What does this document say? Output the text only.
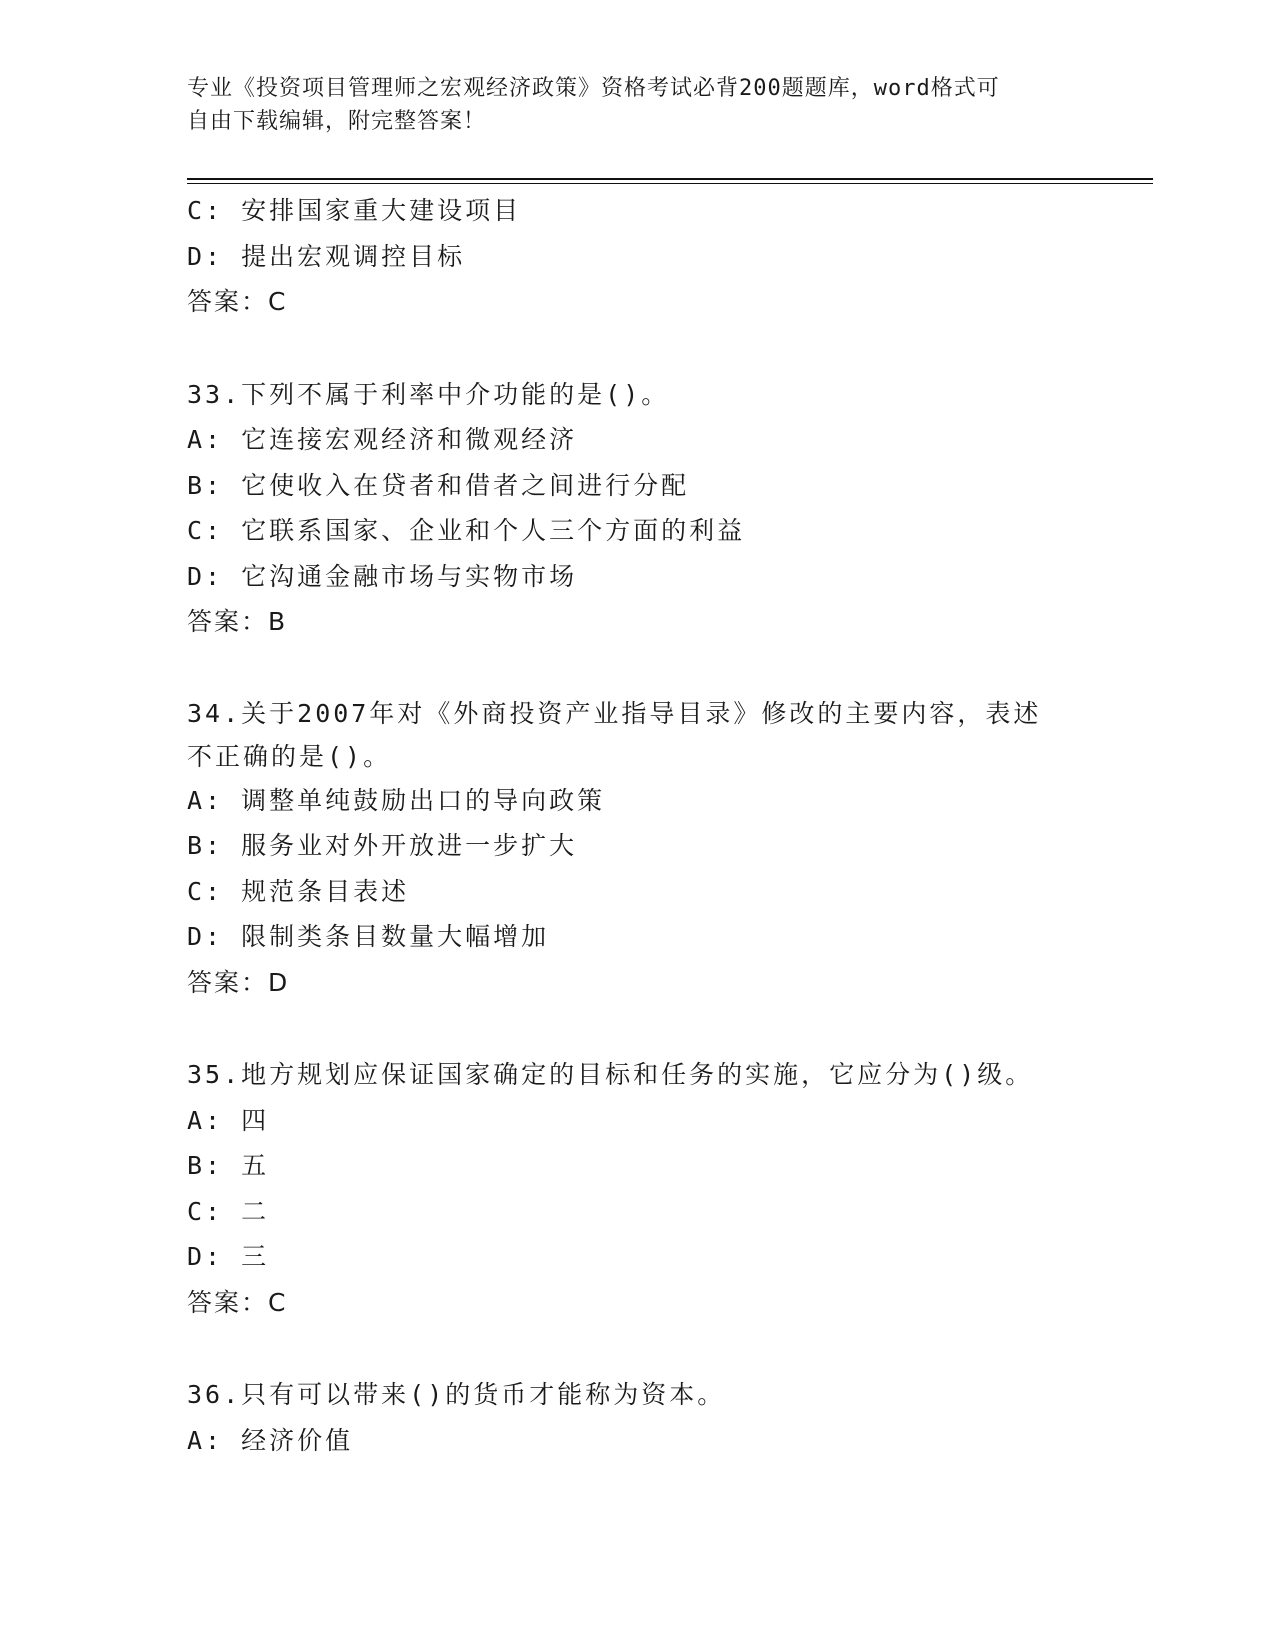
专业《投资项目管理师之宏观经济政策》资格考试必背200题题库，word格式可
自由下载编辑，附完整答案！
C: 安排国家重大建设项目
D: 提出宏观调控目标
答案：C
33.下列不属于利率中介功能的是()。
A: 它连接宏观经济和微观经济
B: 它使收入在贷者和借者之间进行分配
C: 它联系国家、企业和个人三个方面的利益
D: 它沟通金融市场与实物市场
答案：B
34.关于2007年对《外商投资产业指导目录》修改的主要内容，表述不正确的是()。
A: 调整单纯鼓励出口的导向政策
B: 服务业对外开放进一步扩大
C: 规范条目表述
D: 限制类条目数量大幅增加
答案：D
35.地方规划应保证国家确定的目标和任务的实施，它应分为()级。
A: 四
B: 五
C: 二
D: 三
答案：C
36.只有可以带来()的货币才能称为资本。
A: 经济价值
